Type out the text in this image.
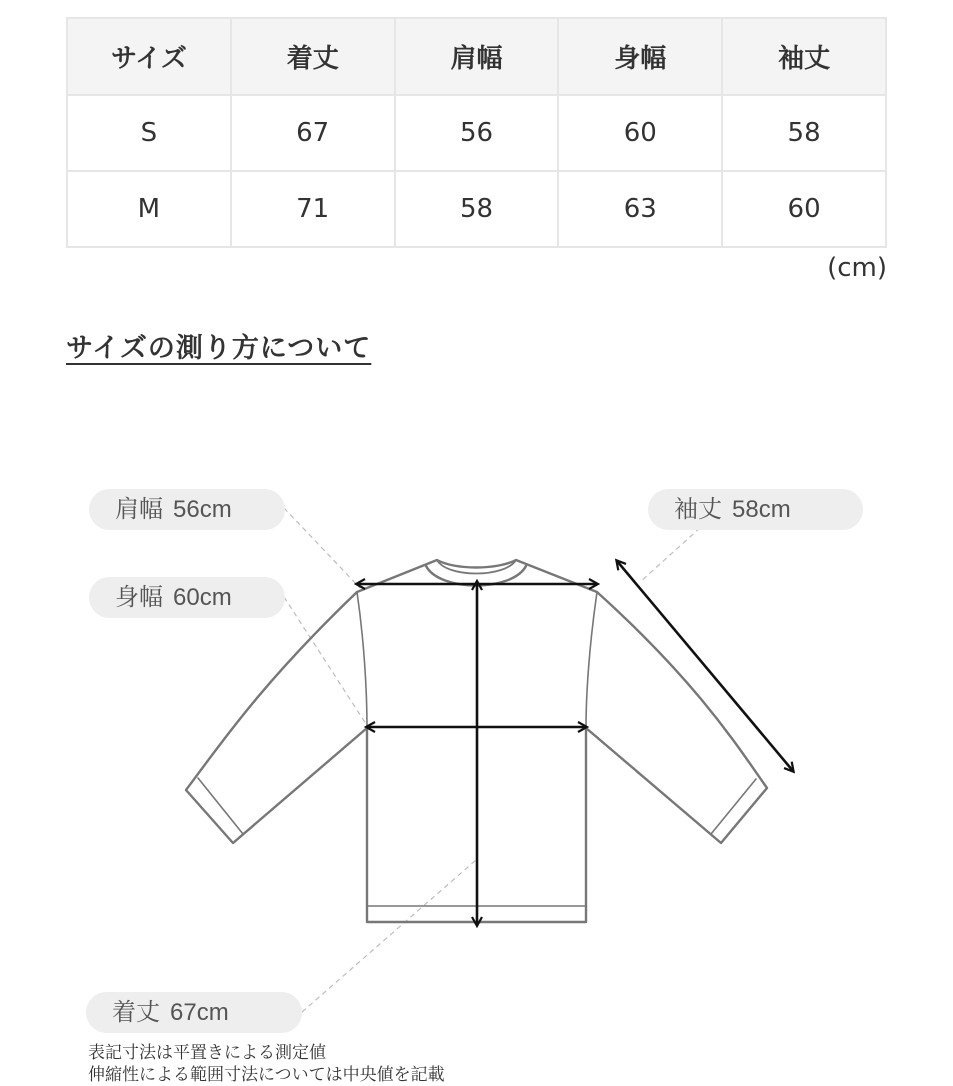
サイズ	着丈	肩幅	身幅	袖丈
S	67	56	60	58
M	71	58	63	60
(cm)
サイズの測り方について
肩幅 56cm
身幅 60cm
袖丈 58cm
着丈 67cm
表記寸法は平置きによる測定値
伸縮性による範囲寸法については中央値を記載
